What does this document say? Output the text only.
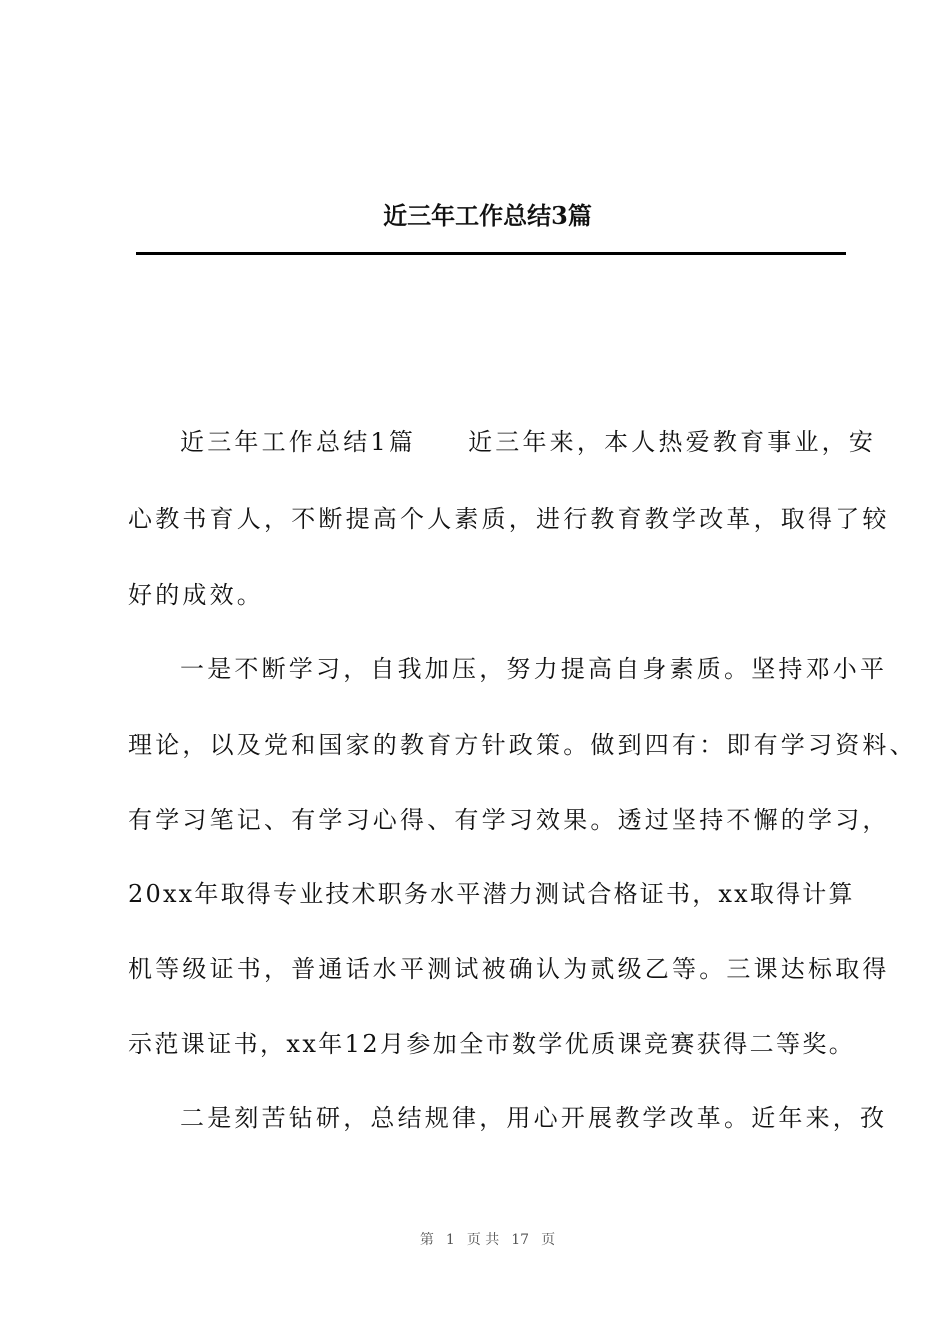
近三年工作总结3篇
近三年工作总结1篇 近三年来，本人热爱教育事业，安
心教书育人，不断提高个人素质，进行教育教学改革，取得了较
好的成效。
一是不断学习，自我加压，努力提高自身素质。坚持邓小平
理论，以及党和国家的教育方针政策。做到四有：即有学习资料、
有学习笔记、有学习心得、有学习效果。透过坚持不懈的学习，
20xx年取得专业技术职务水平潜力测试合格证书，xx取得计算
机等级证书，普通话水平测试被确认为贰级乙等。三课达标取得
示范课证书，xx年12月参加全市数学优质课竞赛获得二等奖。
二是刻苦钻研，总结规律，用心开展教学改革。近年来，孜
第 1 页 共 17 页
